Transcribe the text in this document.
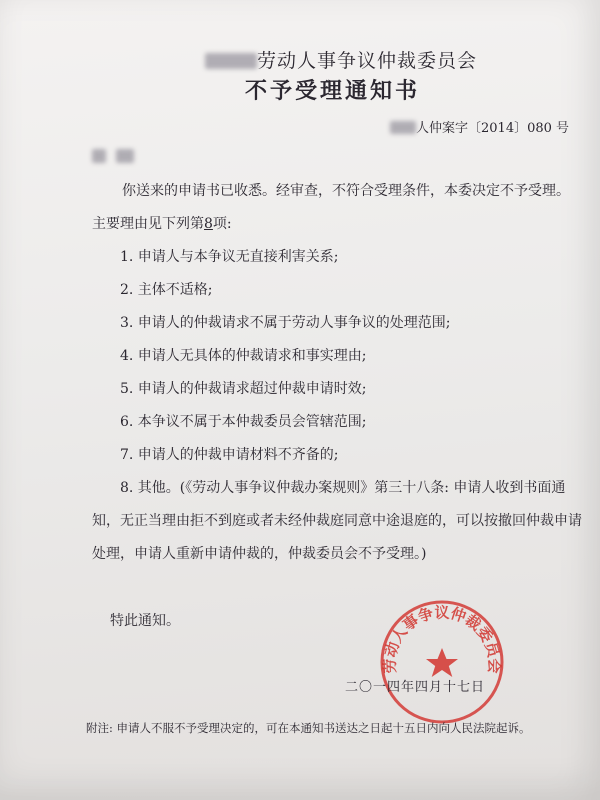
劳动人事争议仲裁委员会
不予受理通知书
人仲案字〔2014〕080 号
你送来的申请书已收悉。经审查，不符合受理条件，本委决定不予受理。
主要理由见下列第8项:
1. 申请人与本争议无直接利害关系;
2. 主体不适格;
3. 申请人的仲裁请求不属于劳动人事争议的处理范围;
4. 申请人无具体的仲裁请求和事实理由;
5. 申请人的仲裁请求超过仲裁申请时效;
6. 本争议不属于本仲裁委员会管辖范围;
7. 申请人的仲裁申请材料不齐备的;
8. 其他。(《劳动人事争议仲裁办案规则》第三十八条: 申请人收到书面通
知，无正当理由拒不到庭或者未经仲裁庭同意中途退庭的，可以按撤回仲裁申请
处理，申请人重新申请仲裁的，仲裁委员会不予受理。)
特此通知。
劳动人事争议仲裁委员会
二〇一四年四月十七日
附注: 申请人不服不予受理决定的，可在本通知书送达之日起十五日内向人民法院起诉。
